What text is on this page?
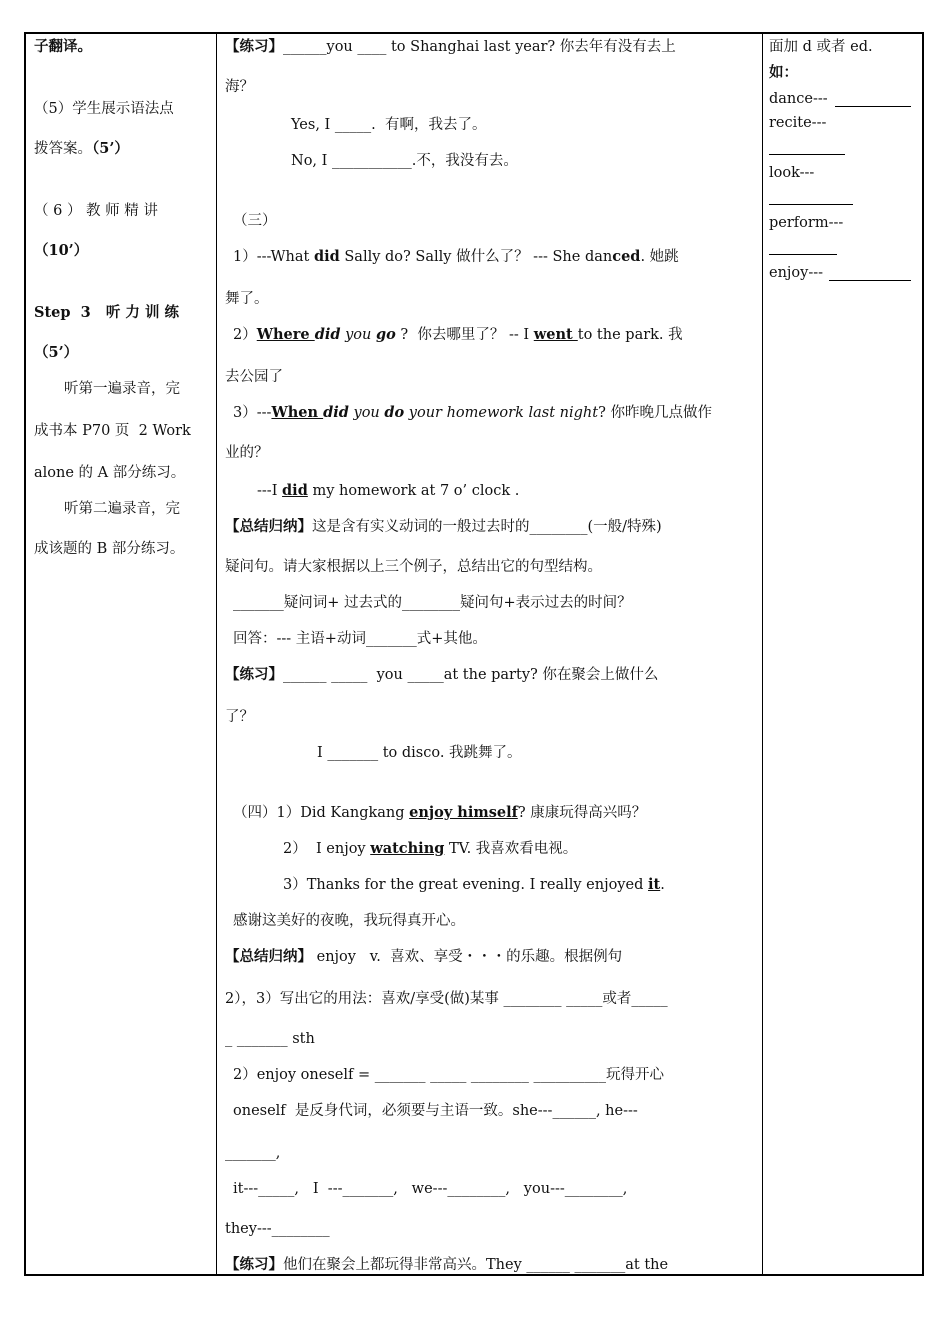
子翻译。
（5）学生展示语法点
拨答案。（5’）
（ 6 ） 教 师 精 讲
（10’）
Step  3   听 力 训 练
（5’）
听第一遍录音，完
成书本 P70 页  2 Work
alone 的 A 部分练习。
听第二遍录音，完
成该题的 B 部分练习。
【练习】______you ____ to Shanghai last year? 你去年有没有去上
海？
Yes, I _____.  有啊，我去了。
No, I ___________.不，我没有去。
（三）
1）---What did Sally do? Sally 做什么了？ --- She danced. 她跳
舞了。
2）Where did you go ?  你去哪里了？ -- I went to the park. 我
去公园了
3）---When did you do your homework last night? 你昨晚几点做作
业的？
---I did my homework at 7 o’ clock .
【总结归纳】这是含有实义动词的一般过去时的________(一般/特殊)
疑问句。请大家根据以上三个例子，总结出它的句型结构。
_______疑问词+ 过去式的________疑问句+表示过去的时间？
回答：--- 主语+动词_______式+其他。
【练习】______ _____  you _____at the party? 你在聚会上做什么
了？
I _______ to disco. 我跳舞了。
（四）1）Did Kangkang enjoy himself? 康康玩得高兴吗？
2）  I enjoy watching TV. 我喜欢看电视。
3）Thanks for the great evening. I really enjoyed it.
感谢这美好的夜晚，我玩得真开心。
【总结归纳】 enjoy   v.  喜欢、享受・・・的乐趣。根据例句
2），3）写出它的用法：喜欢/享受(做)某事 ________ _____或者_____
_ _______ sth
2）enjoy oneself = _______ _____ ________ __________玩得开心
oneself  是反身代词，必须要与主语一致。she---______, he---
_______,
it---_____,   I  ---_______,   we---________,   you---________,
they---________
【练习】他们在聚会上都玩得非常高兴。They ______ _______at the
面加 d 或者 ed.
如：
dance---
recite---
look---
perform---
enjoy---
